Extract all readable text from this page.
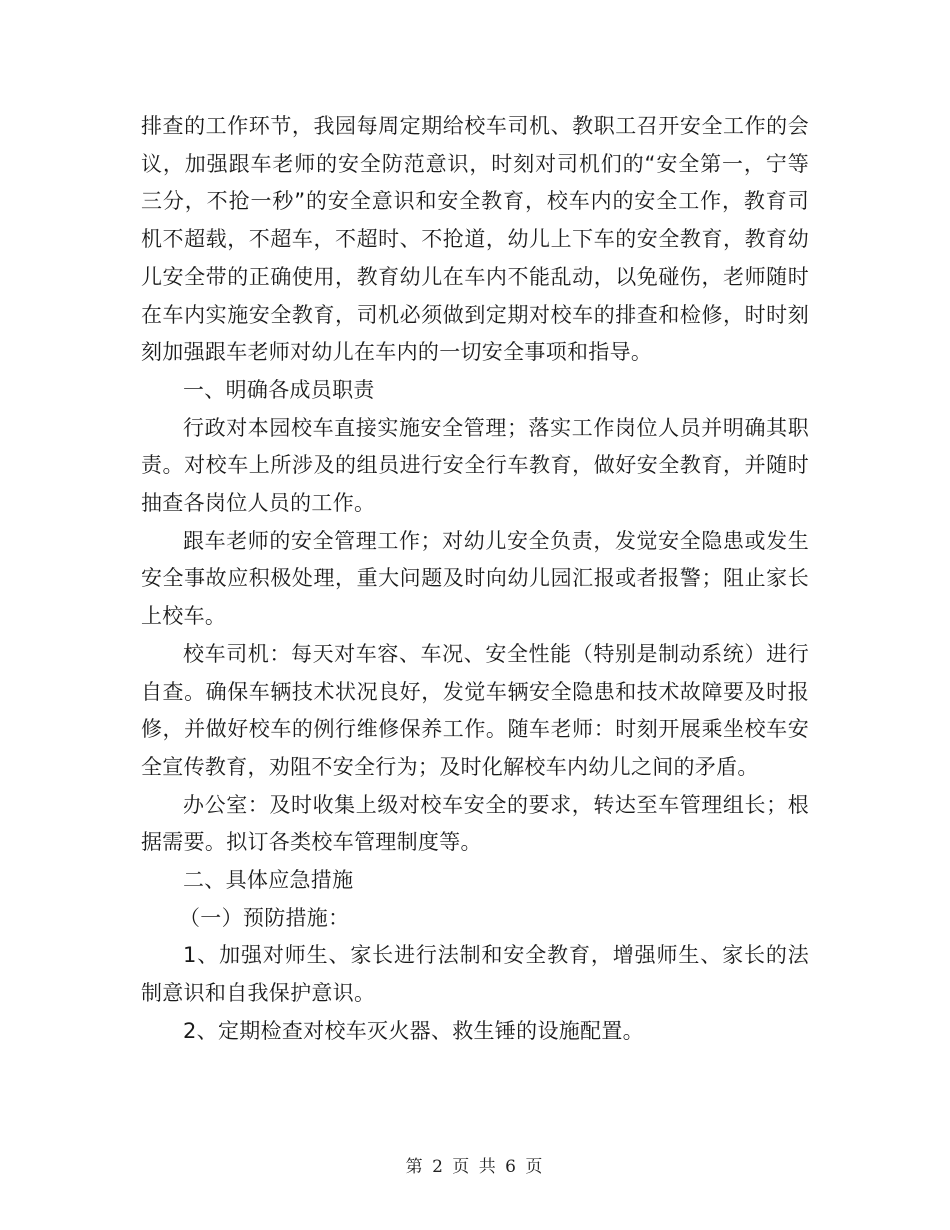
排查的工作环节，我园每周定期给校车司机、教职工召开安全工作的会议，加强跟车老师的安全防范意识，时刻对司机们的“安全第一，宁等三分，不抢一秒”的安全意识和安全教育，校车内的安全工作，教育司机不超载，不超车，不超时、不抢道，幼儿上下车的安全教育，教育幼儿安全带的正确使用，教育幼儿在车内不能乱动，以免碰伤，老师随时在车内实施安全教育，司机必须做到定期对校车的排查和检修，时时刻刻加强跟车老师对幼儿在车内的一切安全事项和指导。

一、明确各成员职责

行政对本园校车直接实施安全管理；落实工作岗位人员并明确其职责。对校车上所涉及的组员进行安全行车教育，做好安全教育，并随时抽查各岗位人员的工作。

跟车老师的安全管理工作；对幼儿安全负责，发觉安全隐患或发生安全事故应积极处理，重大问题及时向幼儿园汇报或者报警；阻止家长上校车。

校车司机：每天对车容、车况、安全性能（特别是制动系统）进行自查。确保车辆技术状况良好，发觉车辆安全隐患和技术故障要及时报修，并做好校车的例行维修保养工作。随车老师：时刻开展乘坐校车安全宣传教育，劝阻不安全行为；及时化解校车内幼儿之间的矛盾。

办公室：及时收集上级对校车安全的要求，转达至车管理组长；根据需要。拟订各类校车管理制度等。

二、具体应急措施

（一）预防措施：

1、加强对师生、家长进行法制和安全教育，增强师生、家长的法制意识和自我保护意识。

2、定期检查对校车灭火器、救生锤的设施配置。

第 2 页 共 6 页
